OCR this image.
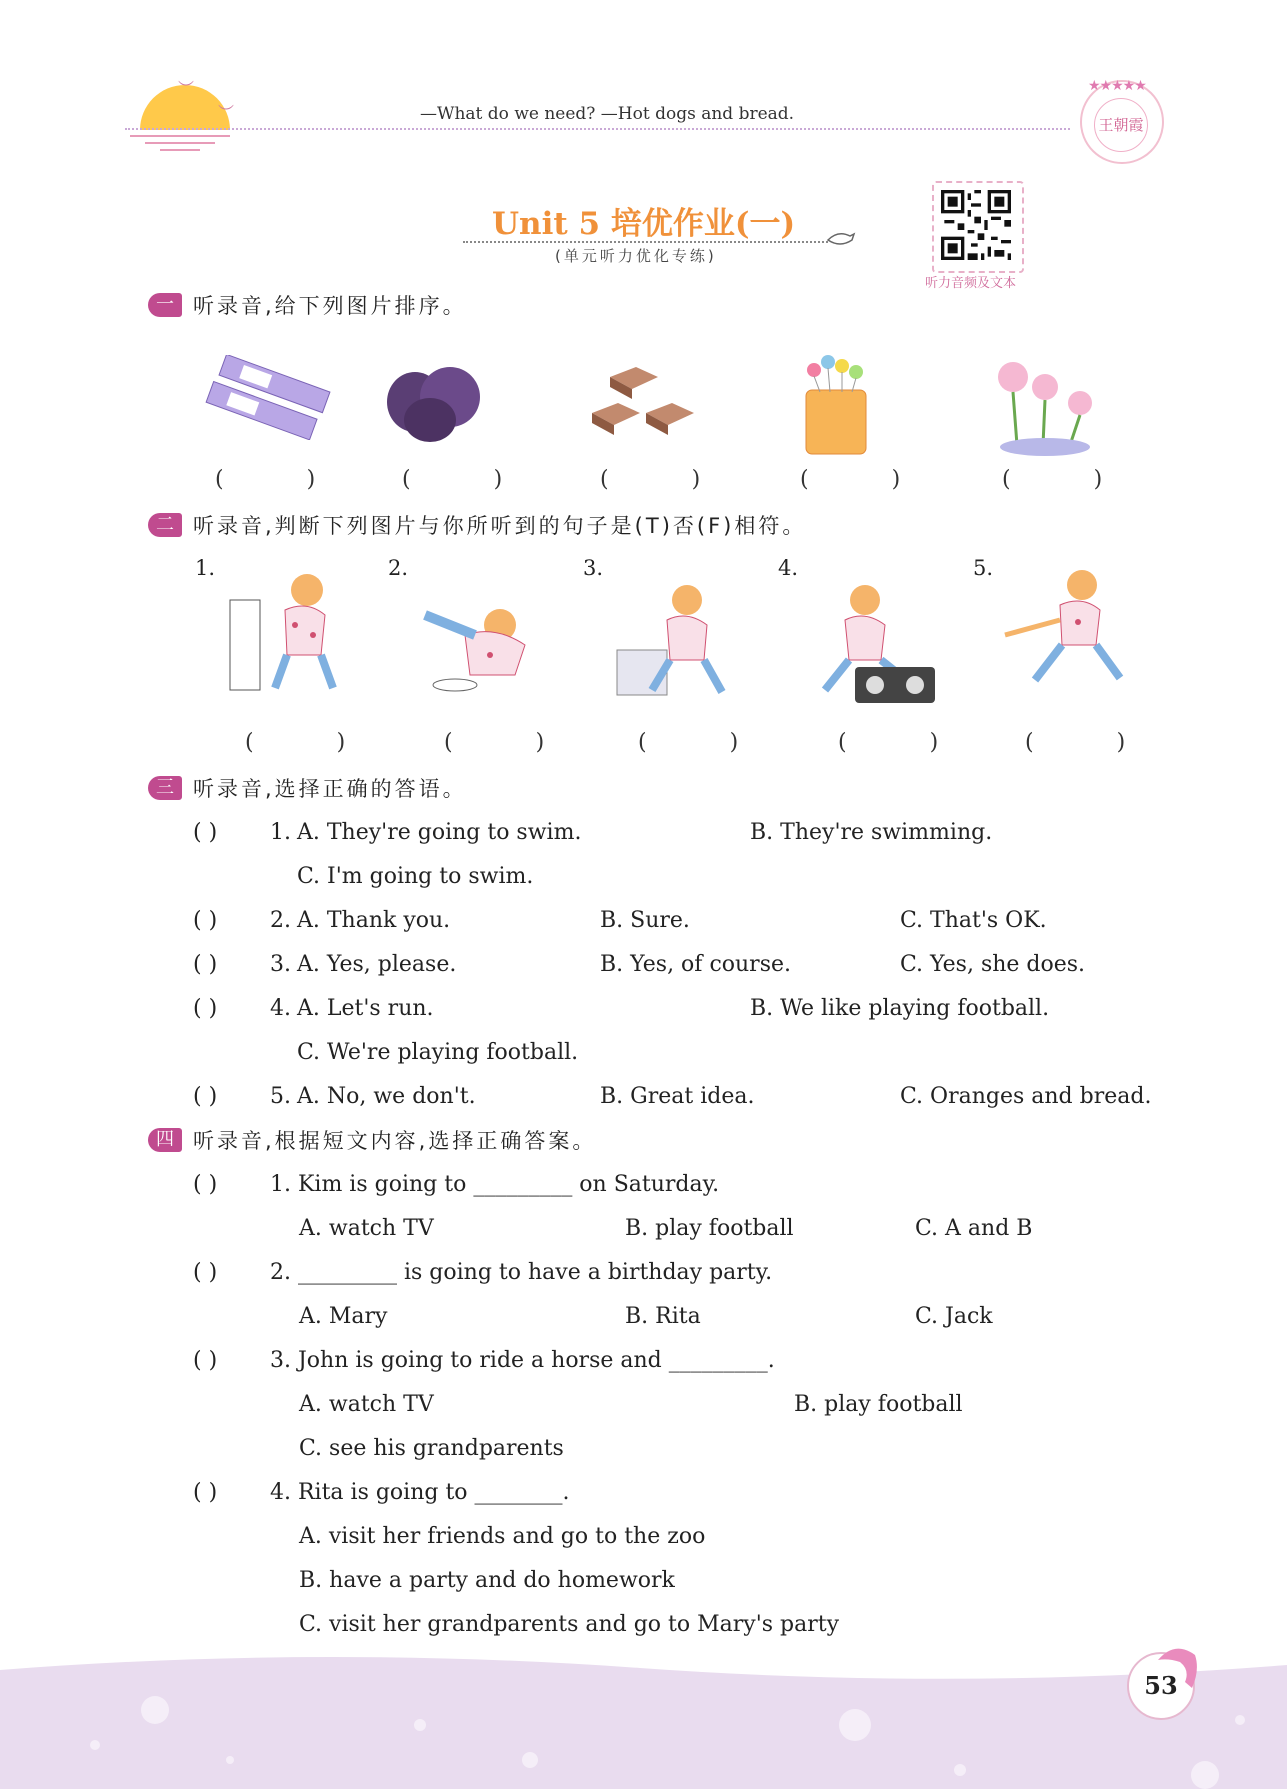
︶
︶	—What do we need? —Hot dogs and bread.
★★★★★
王朝霞
Unit 5 培优作业(一)
(单元听力优化专练)
听力音频及文本
一 听录音,给下列图片排序。
( ) ( )	( )	( )	( )
二 听录音,判断下列图片与你所听到的句子是(T)否(F)相符。
1.	2.	3.	4.	5.
( )	( )	( )	( ) ( )
三 听录音,选择正确的答语。
( ) 1. A. They're going to swim.	B. They're swimming.
C. I'm going to swim.
( ) 2. A. Thank you.	B. Sure.	C. That's OK.
( ) 3. A. Yes, please.	B. Yes, of course.	C. Yes, she does.
( ) 4. A. Let's run.	B. We like playing football.
C. We're playing football.
( ) 5. A. No, we don't.	B. Great idea.	C. Oranges and bread.
四 听录音,根据短文内容,选择正确答案。
( ) 1. Kim is going to _________ on Saturday.
A. watch TV	B. play football	C. A and B
( ) 2. _________ is going to have a birthday party.
A. Mary	B. Rita	C. Jack
( ) 3. John is going to ride a horse and _________.
A. watch TV	B. play football
C. see his grandparents
( ) 4. Rita is going to ________.
A. visit her friends and go to the zoo
B. have a party and do homework
C. visit her grandparents and go to Mary's party
53
